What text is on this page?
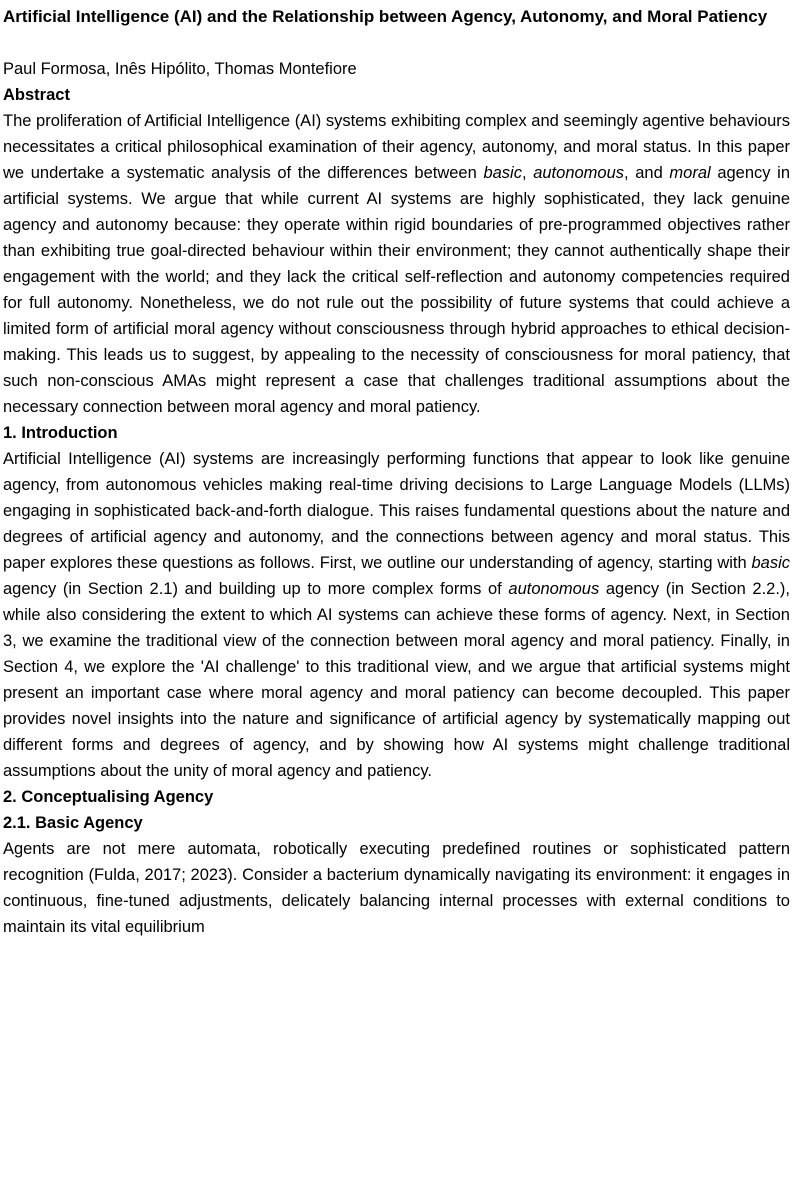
Artificial Intelligence (AI) and the Relationship between Agency, Autonomy, and Moral Patiency

Paul Formosa, Inês Hipólito, Thomas Montefiore

Abstract

The proliferation of Artificial Intelligence (AI) systems exhibiting complex and seemingly agentive behaviours necessitates a critical philosophical examination of their agency, autonomy, and moral status. In this paper we undertake a systematic analysis of the differences between basic, autonomous, and moral agency in artificial systems. We argue that while current AI systems are highly sophisticated, they lack genuine agency and autonomy because: they operate within rigid boundaries of pre-programmed objectives rather than exhibiting true goal-directed behaviour within their environment; they cannot authentically shape their engagement with the world; and they lack the critical self-reflection and autonomy competencies required for full autonomy. Nonetheless, we do not rule out the possibility of future systems that could achieve a limited form of artificial moral agency without consciousness through hybrid approaches to ethical decision-making. This leads us to suggest, by appealing to the necessity of consciousness for moral patiency, that such non-conscious AMAs might represent a case that challenges traditional assumptions about the necessary connection between moral agency and moral patiency.

1. Introduction

Artificial Intelligence (AI) systems are increasingly performing functions that appear to look like genuine agency, from autonomous vehicles making real-time driving decisions to Large Language Models (LLMs) engaging in sophisticated back-and-forth dialogue. This raises fundamental questions about the nature and degrees of artificial agency and autonomy, and the connections between agency and moral status. This paper explores these questions as follows. First, we outline our understanding of agency, starting with basic agency (in Section 2.1) and building up to more complex forms of autonomous agency (in Section 2.2.), while also considering the extent to which AI systems can achieve these forms of agency. Next, in Section 3, we examine the traditional view of the connection between moral agency and moral patiency. Finally, in Section 4, we explore the 'AI challenge' to this traditional view, and we argue that artificial systems might present an important case where moral agency and moral patiency can become decoupled. This paper provides novel insights into the nature and significance of artificial agency by systematically mapping out different forms and degrees of agency, and by showing how AI systems might challenge traditional assumptions about the unity of moral agency and patiency.

2. Conceptualising Agency
2.1. Basic Agency

Agents are not mere automata, robotically executing predefined routines or sophisticated pattern recognition (Fulda, 2017; 2023). Consider a bacterium dynamically navigating its environment: it engages in continuous, fine-tuned adjustments, delicately balancing internal processes with external conditions to maintain its vital equilibrium
